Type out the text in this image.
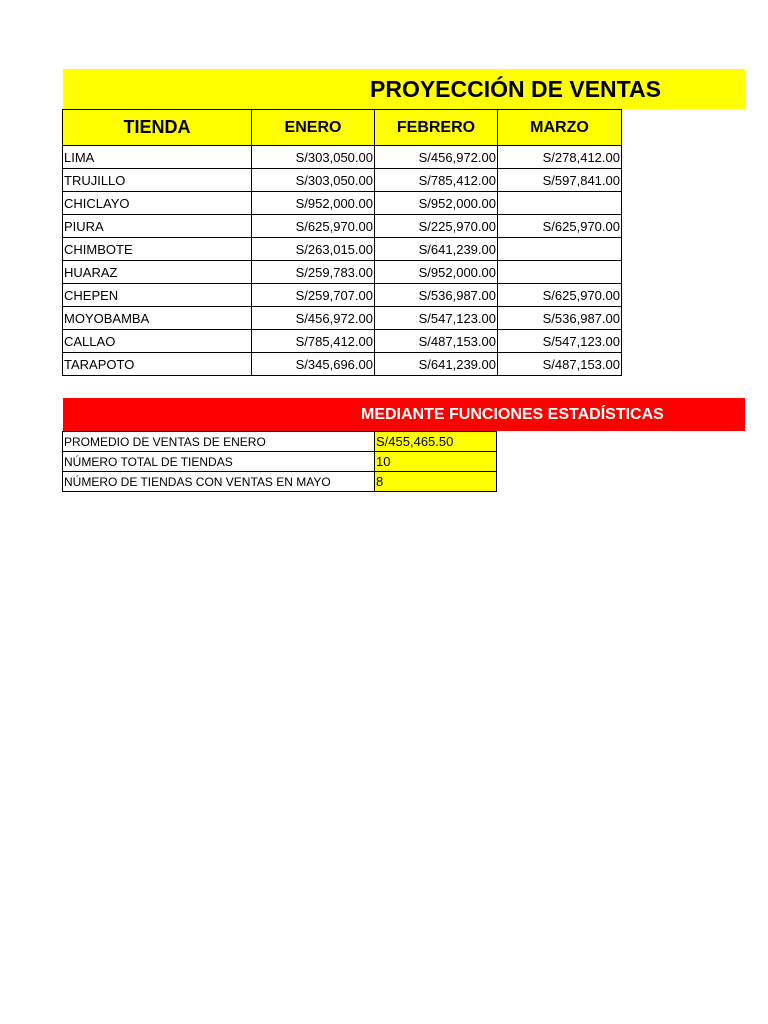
PROYECCIÓN DE VENTAS
TIENDA	ENERO	FEBRERO	MARZO
LIMA	S/303,050.00	S/456,972.00	S/278,412.00
TRUJILLO	S/303,050.00	S/785,412.00	S/597,841.00
CHICLAYO	S/952,000.00	S/952,000.00	
PIURA	S/625,970.00	S/225,970.00	S/625,970.00
CHIMBOTE	S/263,015.00	S/641,239.00	
HUARAZ	S/259,783.00	S/952,000.00	
CHEPEN	S/259,707.00	S/536,987.00	S/625,970.00
MOYOBAMBA	S/456,972.00	S/547,123.00	S/536,987.00
CALLAO	S/785,412.00	S/487,153.00	S/547,123.00
TARAPOTO	S/345,696.00	S/641,239.00	S/487,153.00
MEDIANTE FUNCIONES ESTADÍSTICAS
PROMEDIO DE VENTAS DE ENERO	S/455,465.50
NÚMERO TOTAL DE TIENDAS	10
NÚMERO DE TIENDAS CON VENTAS EN MAYO	8
